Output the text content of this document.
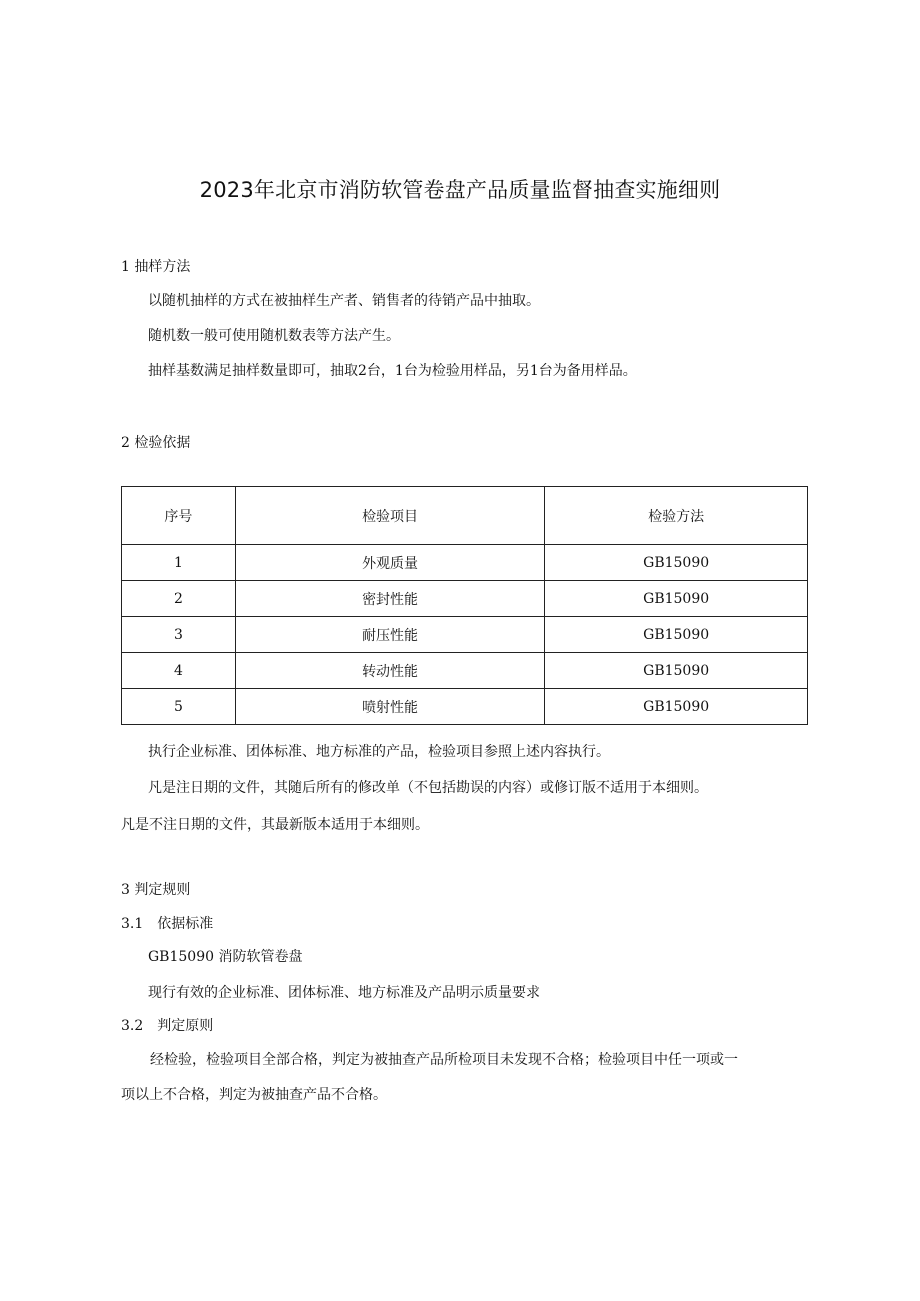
2023年北京市消防软管卷盘产品质量监督抽查实施细则
1 抽样方法
以随机抽样的方式在被抽样生产者、销售者的待销产品中抽取。
随机数一般可使用随机数表等方法产生。
抽样基数满足抽样数量即可，抽取2台，1台为检验用样品，另1台为备用样品。
2 检验依据
序号	检验项目	检验方法
1	外观质量	GB15090
2	密封性能	GB15090
3	耐压性能	GB15090
4	转动性能	GB15090
5	喷射性能	GB15090
执行企业标准、团体标准、地方标准的产品，检验项目参照上述内容执行。
凡是注日期的文件，其随后所有的修改单（不包括勘误的内容）或修订版不适用于本细则。
凡是不注日期的文件，其最新版本适用于本细则。
3 判定规则
3.1　依据标准
GB15090 消防软管卷盘
现行有效的企业标准、团体标准、地方标准及产品明示质量要求
3.2　判定原则
经检验，检验项目全部合格，判定为被抽查产品所检项目未发现不合格；检验项目中任一项或一
项以上不合格，判定为被抽查产品不合格。
